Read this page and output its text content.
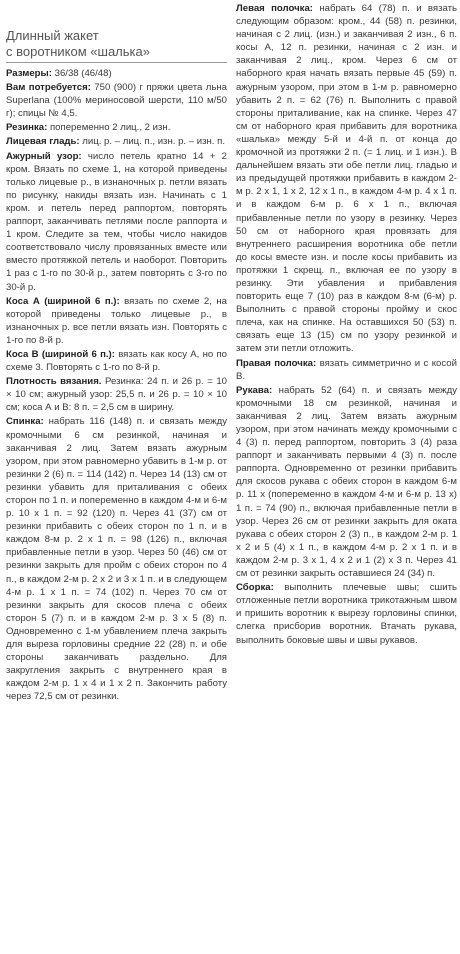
Длинный жакет
с воротником «шалька»

Размеры: 36/38 (46/48)

Вам потребуется: 750 (900) г пряжи цвета льна Superlana (100% мериносовой шерсти, 110 м/50 г); спицы № 4,5.

Резинка: попеременно 2 лиц., 2 изн.

Лицевая гладь: лиц. р. – лиц. п., изн. р. – изн. п.

Ажурный узор: число петель кратно 14 + 2 кром. Вязать по схеме 1, на которой приведены только лицевые р., в изнаночных р. петли вязать по рисунку, накиды вязать изн. Начинать с 1 кром. и петель перед раппортом, повторять раппорт, заканчивать петлями после раппорта и 1 кром. Следите за тем, чтобы число накидов соответствовало числу провязанных вместе или вместо протяжкой петель и наоборот. Повторить 1 раз с 1-го по 30-й р., затем повторять с 3-го по 30-й р.

Коса А (шириной 6 п.): вязать по схеме 2, на которой приведены только лицевые р., в изнаночных р. все петли вязать изн. Повторять с 1-го по 8-й р.

Коса В (шириной 6 п.): вязать как косу А, но по схеме 3. Повторять с 1-го по 8-й р.

Плотность вязания. Резинка: 24 п. и 26 р. = 10 × 10 см; ажурный узор: 25,5 п. и 26 р. = 10 × 10 см; коса А и В: 8 п. = 2,5 см в ширину.

Спинка: набрать 116 (148) п. и связать между кромочными 6 см резинкой, начиная и заканчивая 2 лиц. Затем вязать ажурным узором, при этом равномерно убавить в 1-м р. от резинки 2 (6) п. = 114 (142) п. Через 14 (13) см от резинки убавить для приталивания с обеих сторон по 1 п. и попеременно в каждом 4-м и 6-м р. 10 х 1 п. = 92 (120) п. Через 41 (37) см от резинки прибавить с обеих сторон по 1 п. и в каждом 8-м р. 2 х 1 п. = 98 (126) п., включая прибавленные петли в узор. Через 50 (46) см от резинки закрыть для пройм с обеих сторон по 4 п., в каждом 2-м р. 2 х 2 и 3 х 1 п. и в следующем 4-м р. 1 х 1 п. = 74 (102) п. Через 70 см от резинки закрыть для скосов плеча с обеих сторон 5 (7) п. и в каждом 2-м р. 3 х 5 (8) п. Одновременно с 1-м убавлением плеча закрыть для выреза горловины средние 22 (28) п. и обе стороны заканчивать раздельно. Для закругления закрыть с внутреннего края в каждом 2-м р. 1 х 4 и 1 х 2 п. Закончить работу через 72,5 см от резинки.

Левая полочка: набрать 64 (78) п. и вязать следующим образом: кром., 44 (58) п. резинки, начиная с 2 лиц. (изн.) и заканчивая 2 изн., 6 п. косы А, 12 п. резинки, начиная с 2 изн. и заканчивая 2 лиц., кром. Через 6 см от наборного края начать вязать первые 45 (59) п. ажурным узором, при этом в 1-м р. равномерно убавить 2 п. = 62 (76) п. Выполнить с правой стороны приталивание, как на спинке. Через 47 см от наборного края прибавить для воротника «шалька» между 5-й и 4-й п. от конца до кромочной из протяжки 2 п. (= 1 лиц. и 1 изн.). В дальнейшем вязать эти обе петли лиц. гладью и из предыдущей протяжки прибавить в каждом 2-м р. 2 х 1, 1 х 2, 12 х 1 п., в каждом 4-м р. 4 х 1 п. и в каждом 6-м р. 6 х 1 п., включая прибавленные петли по узору в резинку. Через 50 см от наборного края провязать для внутреннего расширения воротника обе петли до косы вместе изн. и после косы прибавить из протяжки 1 скрещ. п., включая ее по узору в резинку. Эти убавления и прибавления повторить еще 7 (10) раз в каждом 8-м (6-м) р. Выполнить с правой стороны пройму и скос плеча, как на спинке. На оставшихся 50 (53) п. связать еще 13 (15) см по узору резинкой и затем эти петли отложить.

Правая полочка: вязать симметрично и с косой В.

Рукава: набрать 52 (64) п. и связать между кромочными 18 см резинкой, начиная и заканчивая 2 лиц. Затем вязать ажурным узором, при этом начинать между кромочными с 4 (3) п. перед раппортом, повторить 3 (4) раза раппорт и заканчивать первыми 4 (3) п. после раппорта. Одновременно от резинки прибавить для скосов рукава с обеих сторон в каждом 6-м р. 11 х (попеременно в каждом 4-м и 6-м р. 13 х) 1 п. = 74 (90) п., включая прибавленные петли в узор. Через 26 см от резинки закрыть для оката рукава с обеих сторон 2 (3) п., в каждом 2-м р. 1 х 2 и 5 (4) х 1 п., в каждом 4-м р. 2 х 1 п. и в каждом 2-м р. 3 х 1, 4 х 2 и 1 (2) х 3 п. Через 41 см от резинки закрыть оставшиеся 24 (34) п.

Сборка: выполнить плечевые швы; сшить отложенные петли воротника трикотажным швом и пришить воротник к вырезу горловины спинки, слегка присборив воротник. Втачать рукава, выполнить боковые швы и швы рукавов.
